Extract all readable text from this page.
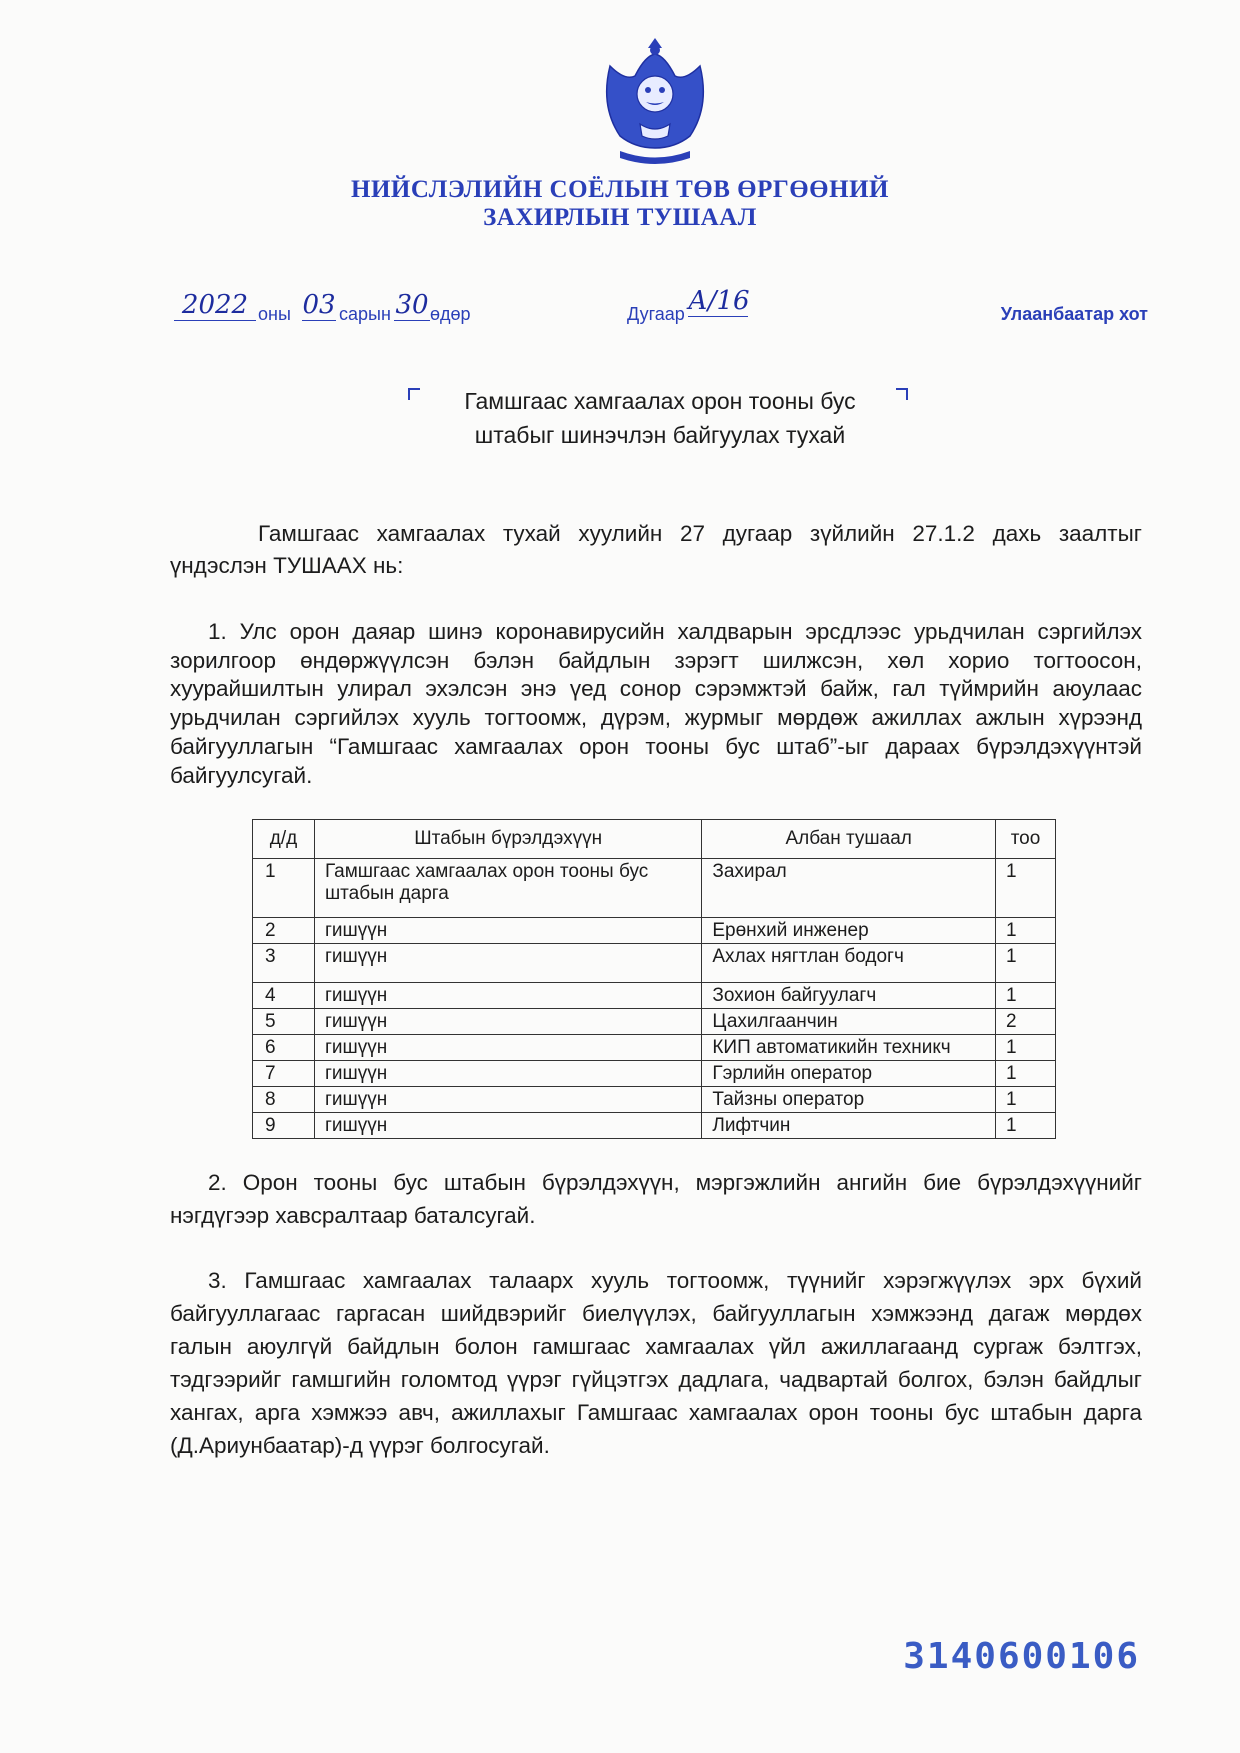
НИЙСЛЭЛИЙН СОЁЛЫН ТӨВ ӨРГӨӨНИЙ
ЗАХИРЛЫН ТУШААЛ
2022 оны 03 сарын 30 өдөр	Дугаар А/16	Улаанбаатар хот
Гамшгаас хамгаалах орон тооны бус
штабыг шинэчлэн байгуулах тухай

Гамшгаас хамгаалах тухай хуулийн 27 дугаар зүйлийн 27.1.2 дахь заалтыг үндэслэн ТУШААХ нь:

1. Улс орон даяар шинэ коронавирусийн халдварын эрсдлээс урьдчилан сэргийлэх зорилгоор өндөржүүлсэн бэлэн байдлын зэрэгт шилжсэн, хөл хорио тогтоосон, хуурайшилтын улирал эхэлсэн энэ үед сонор сэрэмжтэй байж, гал түймрийн аюулаас урьдчилан сэргийлэх хууль тогтоомж, дүрэм, журмыг мөрдөж ажиллах ажлын хүрээнд байгууллагын “Гамшгаас хамгаалах орон тооны бус штаб”-ыг дараах бүрэлдэхүүнтэй байгуулсугай.

д/д	Штабын бүрэлдэхүүн	Албан тушаал	тоо
1	Гамшгаас хамгаалах орон тооны бус штабын дарга	Захирал	1
2	гишүүн	Ерөнхий инженер	1
3	гишүүн	Ахлах нягтлан бодогч	1
4	гишүүн	Зохион байгуулагч	1
5	гишүүн	Цахилгаанчин	2
6	гишүүн	КИП автоматикийн техникч	1
7	гишүүн	Гэрлийн оператор	1
8	гишүүн	Тайзны оператор	1
9	гишүүн	Лифтчин	1

2. Орон тооны бус штабын бүрэлдэхүүн, мэргэжлийн ангийн бие бүрэлдэхүүнийг нэгдүгээр хавсралтаар баталсугай.

3. Гамшгаас хамгаалах талаарх хууль тогтоомж, түүнийг хэрэгжүүлэх эрх бүхий байгууллагаас гаргасан шийдвэрийг биелүүлэх, байгууллагын хэмжээнд дагаж мөрдөх галын аюулгүй байдлын болон гамшгаас хамгаалах үйл ажиллагаанд сургаж бэлтгэх, тэдгээрийг гамшгийн голомтод үүрэг гүйцэтгэх дадлага, чадвартай болгох, бэлэн байдлыг хангах, арга хэмжээ авч, ажиллахыг Гамшгаас хамгаалах орон тооны бус штабын дарга (Д.Ариунбаатар)-д үүрэг болгосугай.

3140600106
